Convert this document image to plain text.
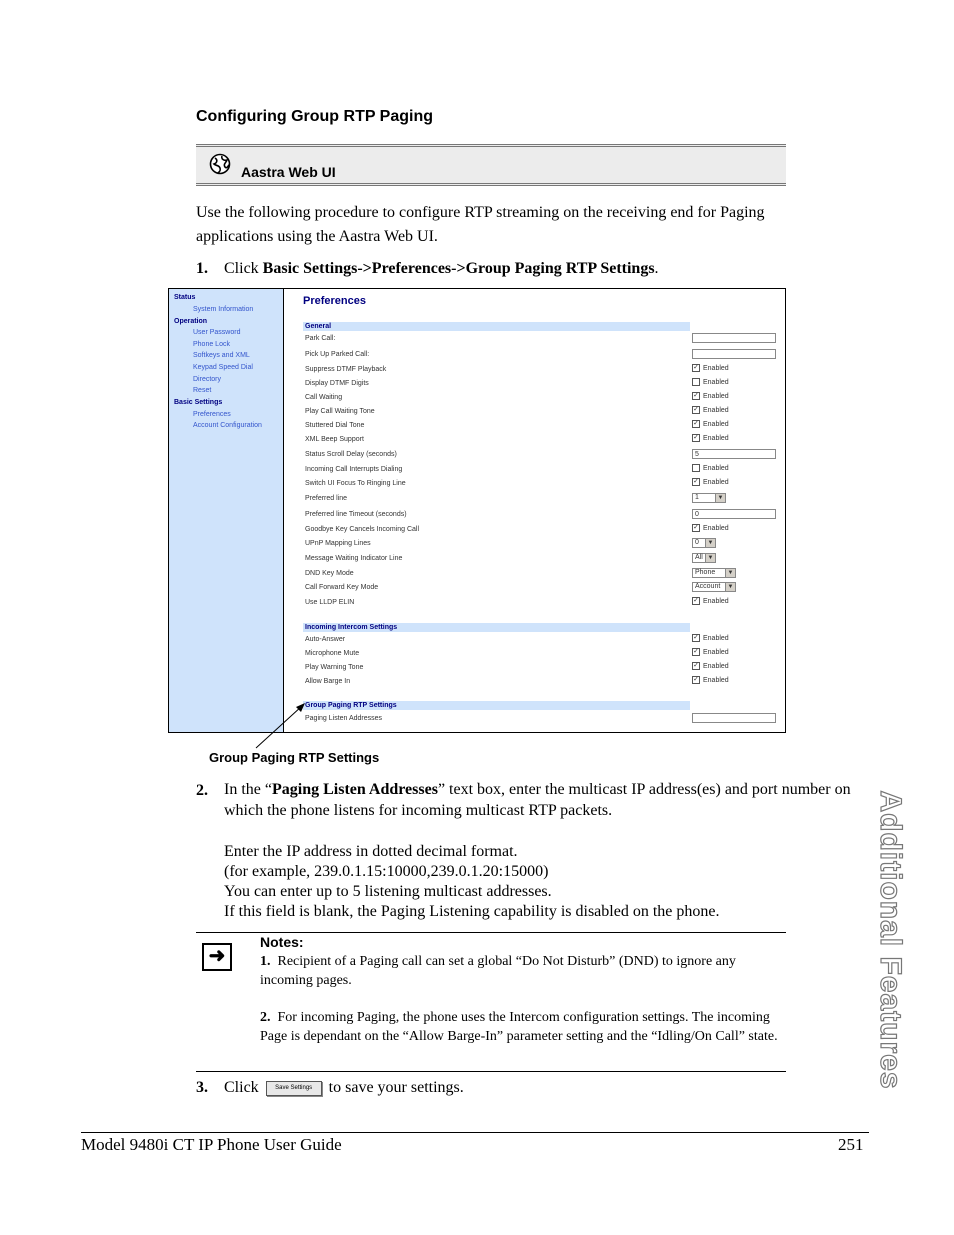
Configuring Group RTP Paging
Aastra Web UI
Use the following procedure to configure RTP streaming on the receiving end for Paging applications using the Aastra Web UI.
1. Click Basic Settings->Preferences->Group Paging RTP Settings.
Status
System Information
Operation
User Password
Phone Lock
Softkeys and XML
Keypad Speed Dial
Directory
Reset
Basic Settings
Preferences
Account Configuration
Preferences
General
Park Call:
Pick Up Parked Call:
Suppress DTMF Playback	✓ Enabled
Display DTMF Digits	Enabled
Call Waiting	✓ Enabled
Play Call Waiting Tone	✓ Enabled
Stuttered Dial Tone	✓ Enabled
XML Beep Support	✓ Enabled
Status Scroll Delay (seconds)	5
Incoming Call Interrupts Dialing	Enabled
Switch UI Focus To Ringing Line	✓ Enabled
Preferred line	1	▼
Preferred line Timeout (seconds)	0
Goodbye Key Cancels Incoming Call	✓ Enabled
UPnP Mapping Lines	0	▼
Message Waiting Indicator Line	All ▼
DND Key Mode	Phone	▼
Call Forward Key Mode	Account	▼
Use LLDP ELIN	✓ Enabled
Incoming Intercom Settings
Auto-Answer	✓ Enabled
Microphone Mute	✓ Enabled
Play Warning Tone	✓ Enabled
Allow Barge In	✓ Enabled
Group Paging RTP Settings
Paging Listen Addresses
Group Paging RTP Settings
2. In the “Paging Listen Addresses” text box, enter the multicast IP address(es) and port number on which the phone listens for incoming multicast RTP packets.
Enter the IP address in dotted decimal format.
(for example, 239.0.1.15:10000,239.0.1.20:15000)
You can enter up to 5 listening multicast addresses.
If this field is blank, the Paging Listening capability is disabled on the phone.
➜
Notes:
1. Recipient of a Paging call can set a global “Do Not Disturb” (DND) to ignore any incoming pages.
2. For incoming Paging, the phone uses the Intercom configuration settings. The incoming Page is dependant on the “Allow Barge-In” parameter setting and the “Idling/On Call” state.
3. Click	Save Settings to save your settings.	Additional Features
Model 9480i CT IP Phone User Guide	251
